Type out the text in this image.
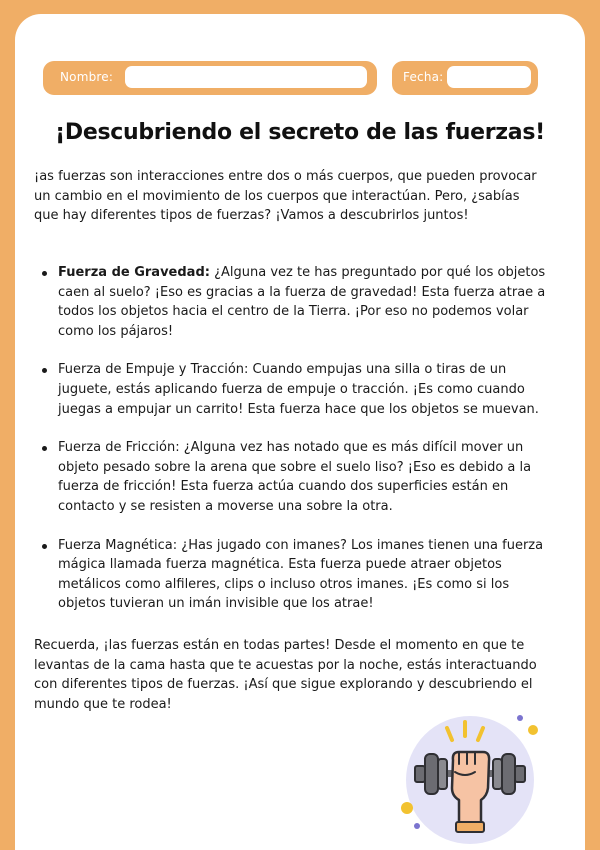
Nombre:	Fecha:
¡Descubriendo el secreto de las fuerzas!

¡as fuerzas son interacciones entre dos o más cuerpos, que pueden provocar un cambio en el movimiento de los cuerpos que interactúan. Pero, ¿sabías que hay diferentes tipos de fuerzas? ¡Vamos a descubrirlos juntos!

Fuerza de Gravedad: ¿Alguna vez te has preguntado por qué los objetos caen al suelo? ¡Eso es gracias a la fuerza de gravedad! Esta fuerza atrae a todos los objetos hacia el centro de la Tierra. ¡Por eso no podemos volar como los pájaros!
Fuerza de Empuje y Tracción: Cuando empujas una silla o tiras de un juguete, estás aplicando fuerza de empuje o tracción. ¡Es como cuando juegas a empujar un carrito! Esta fuerza hace que los objetos se muevan.
Fuerza de Fricción: ¿Alguna vez has notado que es más difícil mover un objeto pesado sobre la arena que sobre el suelo liso? ¡Eso es debido a la fuerza de fricción! Esta fuerza actúa cuando dos superficies están en contacto y se resisten a moverse una sobre la otra.
Fuerza Magnética: ¿Has jugado con imanes? Los imanes tienen una fuerza mágica llamada fuerza magnética. Esta fuerza puede atraer objetos metálicos como alfileres, clips o incluso otros imanes. ¡Es como si los objetos tuvieran un imán invisible que los atrae!

Recuerda, ¡las fuerzas están en todas partes! Desde el momento en que te levantas de la cama hasta que te acuestas por la noche, estás interactuando con diferentes tipos de fuerzas. ¡Así que sigue explorando y descubriendo el mundo que te rodea!
